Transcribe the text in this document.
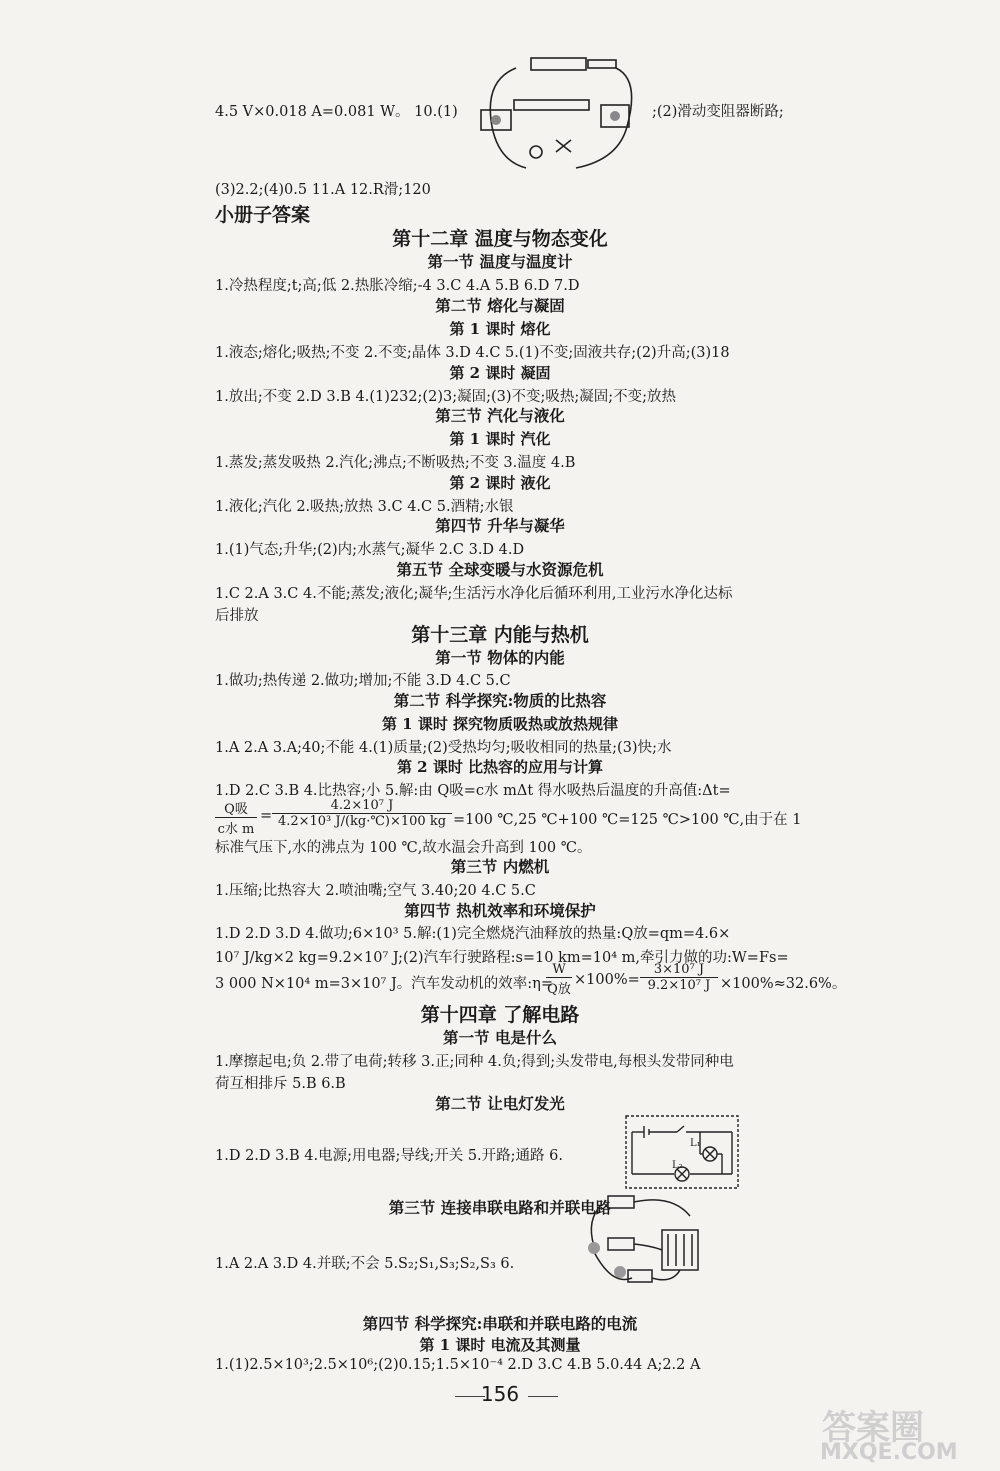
4.5 V×0.018 A=0.081 W。 10.(1)	;(2)滑动变阻器断路;
(3)2.2;(4)0.5 11.A 12.R滑;120
小册子答案
第十二章 温度与物态变化
第一节 温度与温度计
1.冷热程度;t;高;低 2.热胀冷缩;-4 3.C 4.A 5.B 6.D 7.D
第二节 熔化与凝固
第 1 课时 熔化
1.液态;熔化;吸热;不变 2.不变;晶体 3.D 4.C 5.(1)不变;固液共存;(2)升高;(3)18
第 2 课时 凝固
1.放出;不变 2.D 3.B 4.(1)232;(2)3;凝固;(3)不变;吸热;凝固;不变;放热
第三节 汽化与液化
第 1 课时 汽化
1.蒸发;蒸发吸热 2.汽化;沸点;不断吸热;不变 3.温度 4.B
第 2 课时 液化
1.液化;汽化 2.吸热;放热 3.C 4.C 5.酒精;水银
第四节 升华与凝华
1.(1)气态;升华;(2)内;水蒸气;凝华 2.C 3.D 4.D
第五节 全球变暖与水资源危机
1.C 2.A 3.C 4.不能;蒸发;液化;凝华;生活污水净化后循环利用,工业污水净化达标
后排放
第十三章 内能与热机
第一节 物体的内能
1.做功;热传递 2.做功;增加;不能 3.D 4.C 5.C
第二节 科学探究:物质的比热容
第 1 课时 探究物质吸热或放热规律
1.A 2.A 3.A;40;不能 4.(1)质量;(2)受热均匀;吸收相同的热量;(3)快;水
第 2 课时 比热容的应用与计算
1.D 2.C 3.B 4.比热容;小 5.解:由 Q吸=c水 mΔt 得水吸热后温度的升高值:Δt=
Q吸
c水 m
= $\frac{\text{4.2×10⁷ J}}{\text{4.2×10³ J/(kg·℃)×100 kg}} =100$ ℃,25 ℃+100 ℃=125 ℃>100 ℃,由于在 1
标准气压下,水的沸点为 100 ℃,故水温会升高到 100 ℃。
第三节 内燃机
1.压缩;比热容大 2.喷油嘴;空气 3.40;20 4.C 5.C
第四节 热机效率和环境保护
1.D 2.D 3.D 4.做功;6×10³ 5.解:(1)完全燃烧汽油释放的热量:Q放=qm=4.6×
10⁷ J/kg×2 kg=9.2×10⁷ J;(2)汽车行驶路程:s=10 km=10⁴ m,牵引力做的功:W=Fs=
3 000 N×10⁴ m=3×10⁷ J。汽车发动机的效率:η=
W
Q放
$\times 100\%= \frac{\text{3×10⁷ J}}{\text{9.2×10⁷ J}} \times 100\%\approx 32.6\%$。
第十四章 了解电路
第一节 电是什么
1.摩擦起电;负 2.带了电荷;转移 3.正;同种 4.负;得到;头发带电,每根头发带同种电
荷互相排斥 5.B 6.B
第二节 让电灯发光
1.D 2.D 3.B 4.电源;用电器;导线;开关 5.开路;通路 6.
L₁
L₂
第三节 连接串联电路和并联电路
1.A 2.A 3.D 4.并联;不会 5.S₂;S₁,S₃;S₂,S₃ 6.
第四节 科学探究:串联和并联电路的电流
第 1 课时 电流及其测量
1.(1)2.5×10³;2.5×10⁶;(2)0.15;1.5×10⁻⁴ 2.D 3.C 4.B 5.0.44 A;2.2 A
156
答案圈
MXQE.COM
